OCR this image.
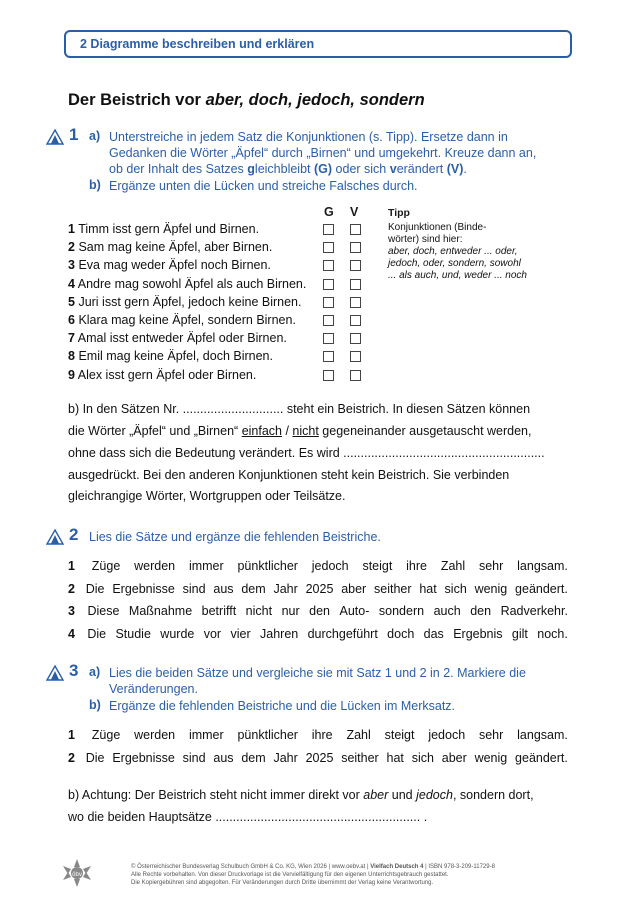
2 Diagramme beschreiben und erklären
Der Beistrich vor aber, doch, jedoch, sondern
1 a) Unterstreiche in jedem Satz die Konjunktionen (s. Tipp). Ersetze dann in
Gedanken die Wörter „Äpfel“ durch „Birnen“ und umgekehrt. Kreuze dann an,
ob der Inhalt des Satzes gleichbleibt (G) oder sich verändert (V).
b) Ergänze unten die Lücken und streiche Falsches durch.
G V
1 Timm isst gern Äpfel und Birnen.
2 Sam mag keine Äpfel, aber Birnen.
3 Eva mag weder Äpfel noch Birnen.
4 Andre mag sowohl Äpfel als auch Birnen.
5 Juri isst gern Äpfel, jedoch keine Birnen.
6 Klara mag keine Äpfel, sondern Birnen.
7 Amal isst entweder Äpfel oder Birnen.
8 Emil mag keine Äpfel, doch Birnen.
9 Alex isst gern Äpfel oder Birnen.
Tipp
Konjunktionen (Binde-
wörter) sind hier:
aber, doch, entweder ... oder,
jedoch, oder, sondern, sowohl
... als auch, und, weder ... noch
b) In den Sätzen Nr. ............................. steht ein Beistrich. In diesen Sätzen können
die Wörter „Äpfel“ und „Birnen“ einfach / nicht gegeneinander ausgetauscht werden,
ohne dass sich die Bedeutung verändert. Es wird ..........................................................
ausgedrückt. Bei den anderen Konjunktionen steht kein Beistrich. Sie verbinden
gleichrangige Wörter, Wortgruppen oder Teilsätze.
2 Lies die Sätze und ergänze die fehlenden Beistriche.
1 Züge werden immer pünktlicher jedoch steigt ihre Zahl sehr langsam.
2 Die Ergebnisse sind aus dem Jahr 2025 aber seither hat sich wenig geändert.
3 Diese Maßnahme betrifft nicht nur den Auto- sondern auch den Radverkehr.
4 Die Studie wurde vor vier Jahren durchgeführt doch das Ergebnis gilt noch.
3 a) Lies die beiden Sätze und vergleiche sie mit Satz 1 und 2 in 2. Markiere die
Veränderungen.
b) Ergänze die fehlenden Beistriche und die Lücken im Merksatz.
1 Züge werden immer pünktlicher ihre Zahl steigt jedoch sehr langsam.
2 Die Ergebnisse sind aus dem Jahr 2025 seither hat sich aber wenig geändert.
b) Achtung: Der Beistrich steht nicht immer direkt vor aber und jedoch, sondern dort,
wo die beiden Hauptsätze ........................................................... .
öbv
© Österreichischer Bundesverlag Schulbuch GmbH & Co. KG, Wien 2026 | www.oebv.at | Vielfach Deutsch 4 | ISBN 978-3-209-11729-8
Alle Rechte vorbehalten. Von dieser Druckvorlage ist die Vervielfältigung für den eigenen Unterrichtsgebrauch gestattet.
Die Kopiergebühren sind abgegolten. Für Veränderungen durch Dritte übernimmt der Verlag keine Verantwortung.
